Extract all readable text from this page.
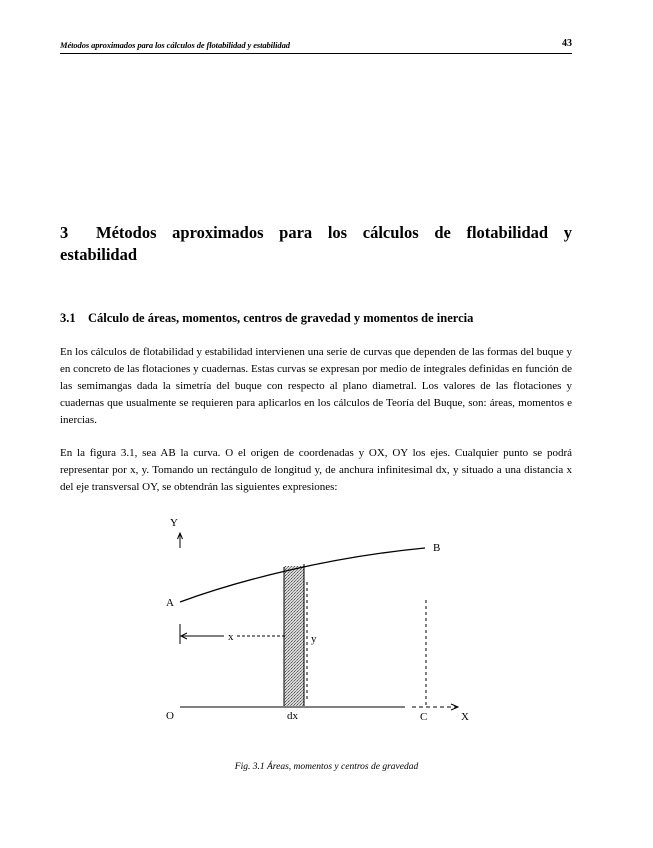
Métodos aproximados para los cálculos de flotabilidad y estabilidad	43
3 Métodos aproximados para los cálculos de flotabilidad y estabilidad
3.1 Cálculo de áreas, momentos, centros de gravedad y momentos de inercia

En los cálculos de flotabilidad y estabilidad intervienen una serie de curvas que dependen de las formas del buque y en concreto de las flotaciones y cuadernas. Estas curvas se expresan por medio de integrales definidas en función de las semimangas dada la simetría del buque con respecto al plano diametral. Los valores de las flotaciones y cuadernas que usualmente se requieren para aplicarlos en los cálculos de Teoría del Buque, son: áreas, momentos e inercias.

En la figura 3.1, sea AB la curva. O el origen de coordenadas y OX, OY los ejes. Cualquier punto se podrá representar por x, y. Tomando un rectángulo de longitud y, de anchura infinitesimal dx, y situado a una distancia x del eje transversal OY, se obtendrán las siguientes expresiones:

Y
B
A
x	y
O	dx	C	X
Fig. 3.1 Áreas, momentos y centros de gravedad
